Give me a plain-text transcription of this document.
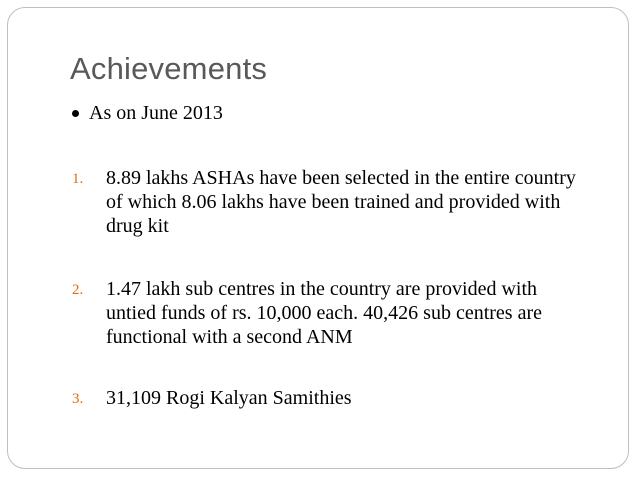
Achievements
As on June 2013
1.	8.89 lakhs ASHAs have been selected in the entire country of which 8.06 lakhs have been trained and provided with drug kit
2.	1.47 lakh sub centres in the country are provided with untied funds of rs. 10,000 each. 40,426 sub centres are functional with a second ANM
3.	31,109 Rogi Kalyan Samithies
